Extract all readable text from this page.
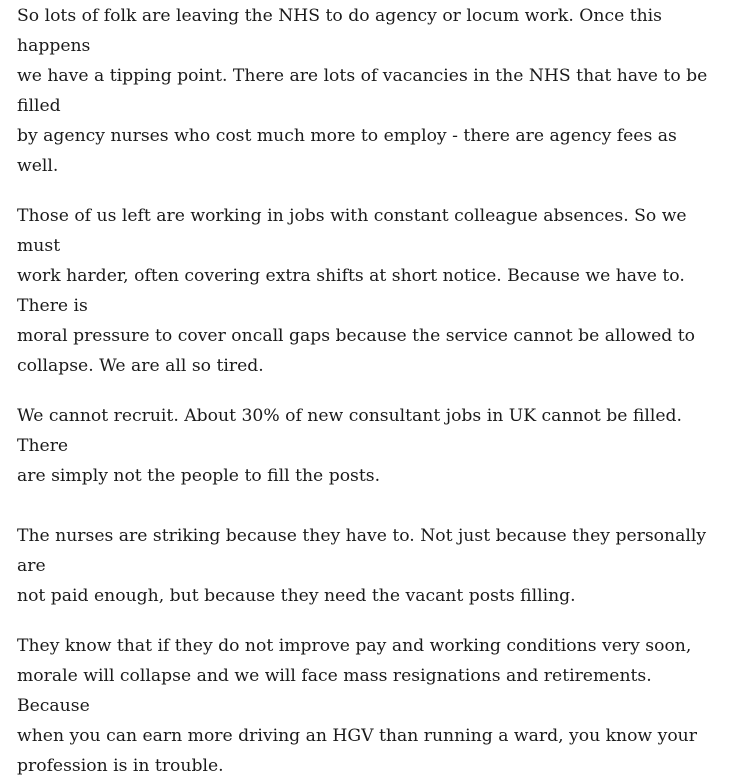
So lots of folk are leaving the NHS to do agency or locum work. Once this happens
we have a tipping point. There are lots of vacancies in the NHS that have to be filled
by agency nurses who cost much more to employ - there are agency fees as well.

Those of us left are working in jobs with constant colleague absences. So we must
work harder, often covering extra shifts at short notice. Because we have to. There is
moral pressure to cover oncall gaps because the service cannot be allowed to
collapse. We are all so tired.

We cannot recruit. About 30% of new consultant jobs in UK cannot be filled. There
are simply not the people to fill the posts.

The nurses are striking because they have to. Not just because they personally are
not paid enough, but because they need the vacant posts filling.

They know that if they do not improve pay and working conditions very soon,
morale will collapse and we will face mass resignations and retirements. Because
when you can earn more driving an HGV than running a ward, you know your
profession is in trouble.
